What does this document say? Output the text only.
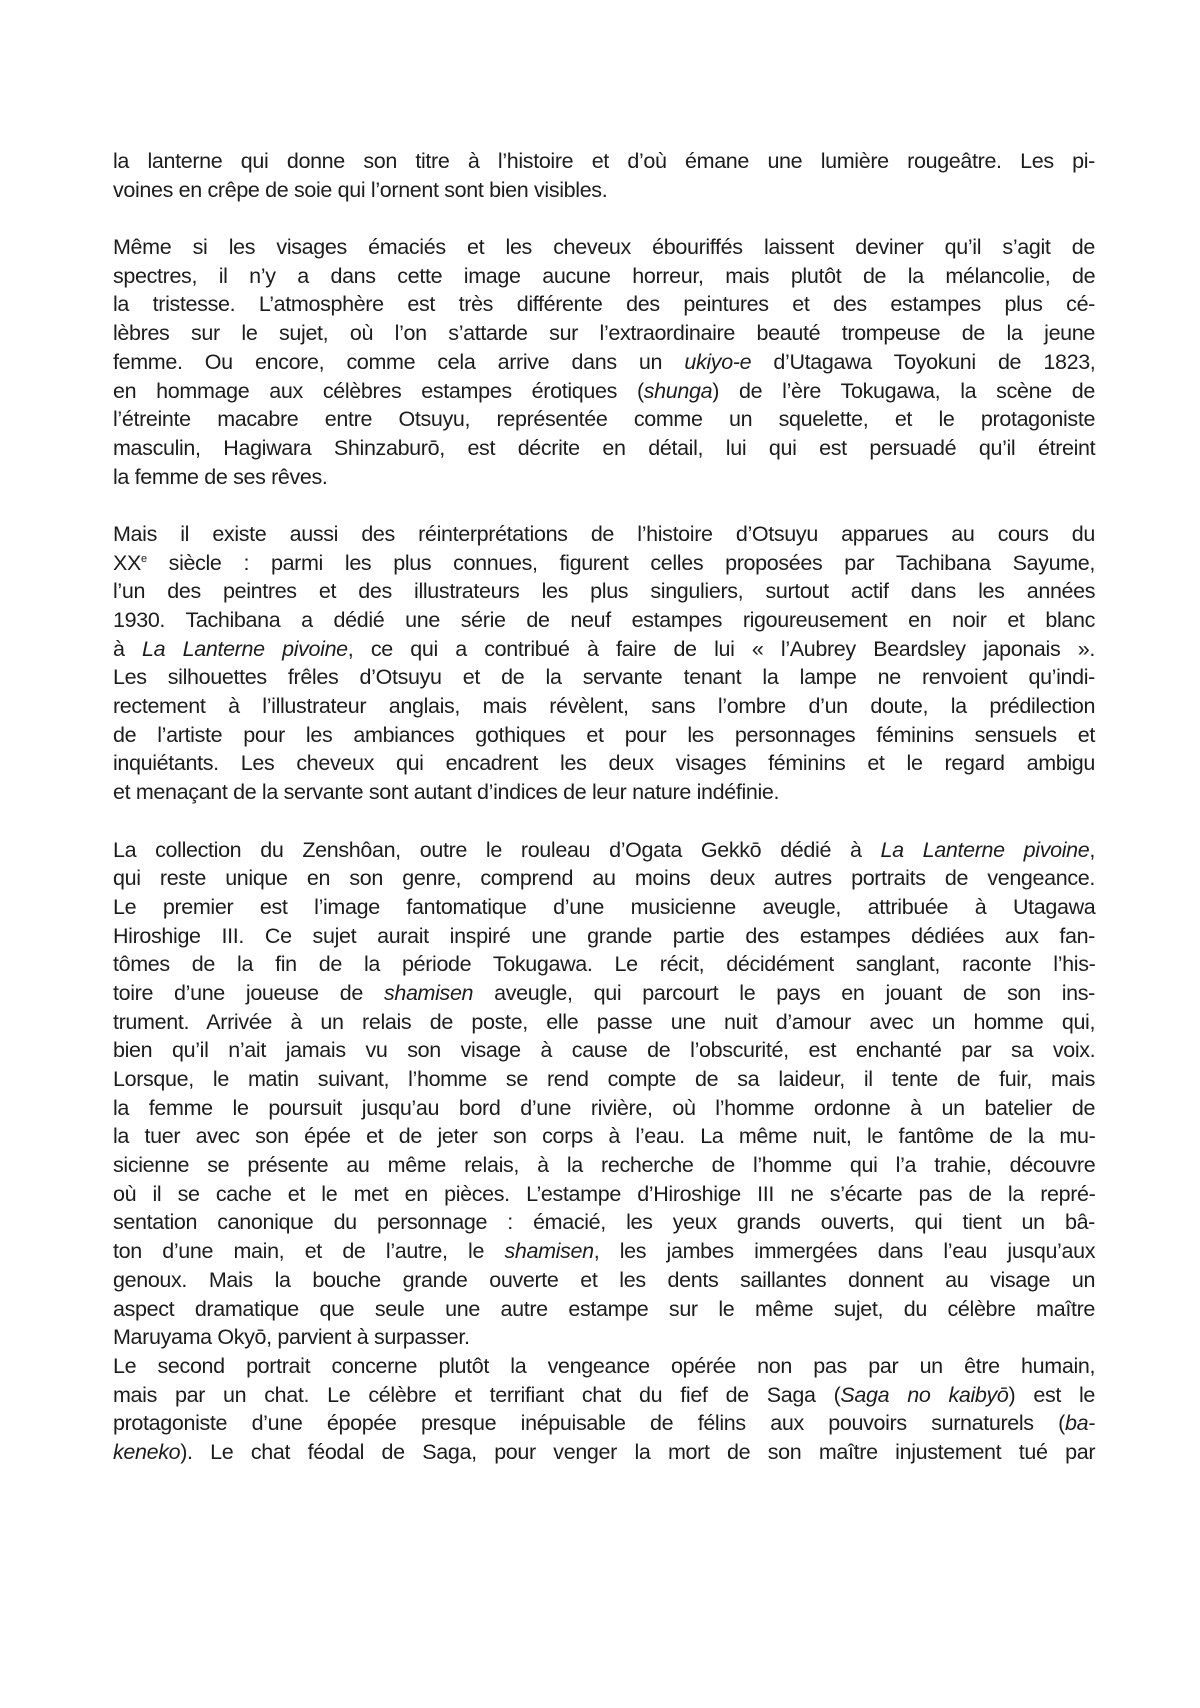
la lanterne qui donne son titre à l’histoire et d’où émane une lumière rougeâtre. Les pi-
voines en crêpe de soie qui l’ornent sont bien visibles.
Même si les visages émaciés et les cheveux ébouriffés laissent deviner qu’il s’agit de
spectres, il n’y a dans cette image aucune horreur, mais plutôt de la mélancolie, de
la tristesse. L’atmosphère est très différente des peintures et des estampes plus cé-
lèbres sur le sujet, où l’on s’attarde sur l’extraordinaire beauté trompeuse de la jeune
femme. Ou encore, comme cela arrive dans un ukiyo-e d’Utagawa Toyokuni de 1823,
en hommage aux célèbres estampes érotiques (shunga) de l’ère Tokugawa, la scène de
l’étreinte macabre entre Otsuyu, représentée comme un squelette, et le protagoniste
masculin, Hagiwara Shinzaburō, est décrite en détail, lui qui est persuadé qu’il étreint
la femme de ses rêves.
Mais il existe aussi des réinterprétations de l’histoire d’Otsuyu apparues au cours du
XXe siècle : parmi les plus connues, figurent celles proposées par Tachibana Sayume,
l’un des peintres et des illustrateurs les plus singuliers, surtout actif dans les années
1930. Tachibana a dédié une série de neuf estampes rigoureusement en noir et blanc
à La Lanterne pivoine, ce qui a contribué à faire de lui « l’Aubrey Beardsley japonais ».
Les silhouettes frêles d’Otsuyu et de la servante tenant la lampe ne renvoient qu’indi-
rectement à l’illustrateur anglais, mais révèlent, sans l’ombre d’un doute, la prédilection
de l’artiste pour les ambiances gothiques et pour les personnages féminins sensuels et
inquiétants. Les cheveux qui encadrent les deux visages féminins et le regard ambigu
et menaçant de la servante sont autant d’indices de leur nature indéfinie.
La collection du Zenshôan, outre le rouleau d’Ogata Gekkō dédié à La Lanterne pivoine,
qui reste unique en son genre, comprend au moins deux autres portraits de vengeance.
Le premier est l’image fantomatique d’une musicienne aveugle, attribuée à Utagawa
Hiroshige III. Ce sujet aurait inspiré une grande partie des estampes dédiées aux fan-
tômes de la fin de la période Tokugawa. Le récit, décidément sanglant, raconte l’his-
toire d’une joueuse de shamisen aveugle, qui parcourt le pays en jouant de son ins-
trument. Arrivée à un relais de poste, elle passe une nuit d’amour avec un homme qui,
bien qu’il n’ait jamais vu son visage à cause de l’obscurité, est enchanté par sa voix.
Lorsque, le matin suivant, l’homme se rend compte de sa laideur, il tente de fuir, mais
la femme le poursuit jusqu’au bord d’une rivière, où l’homme ordonne à un batelier de
la tuer avec son épée et de jeter son corps à l’eau. La même nuit, le fantôme de la mu-
sicienne se présente au même relais, à la recherche de l’homme qui l’a trahie, découvre
où il se cache et le met en pièces. L’estampe d’Hiroshige III ne s’écarte pas de la repré-
sentation canonique du personnage : émacié, les yeux grands ouverts, qui tient un bâ-
ton d’une main, et de l’autre, le shamisen, les jambes immergées dans l’eau jusqu’aux
genoux. Mais la bouche grande ouverte et les dents saillantes donnent au visage un
aspect dramatique que seule une autre estampe sur le même sujet, du célèbre maître
Maruyama Okyō, parvient à surpasser.
Le second portrait concerne plutôt la vengeance opérée non pas par un être humain,
mais par un chat. Le célèbre et terrifiant chat du fief de Saga (Saga no kaibyō) est le
protagoniste d’une épopée presque inépuisable de félins aux pouvoirs surnaturels (ba-
keneko). Le chat féodal de Saga, pour venger la mort de son maître injustement tué par
